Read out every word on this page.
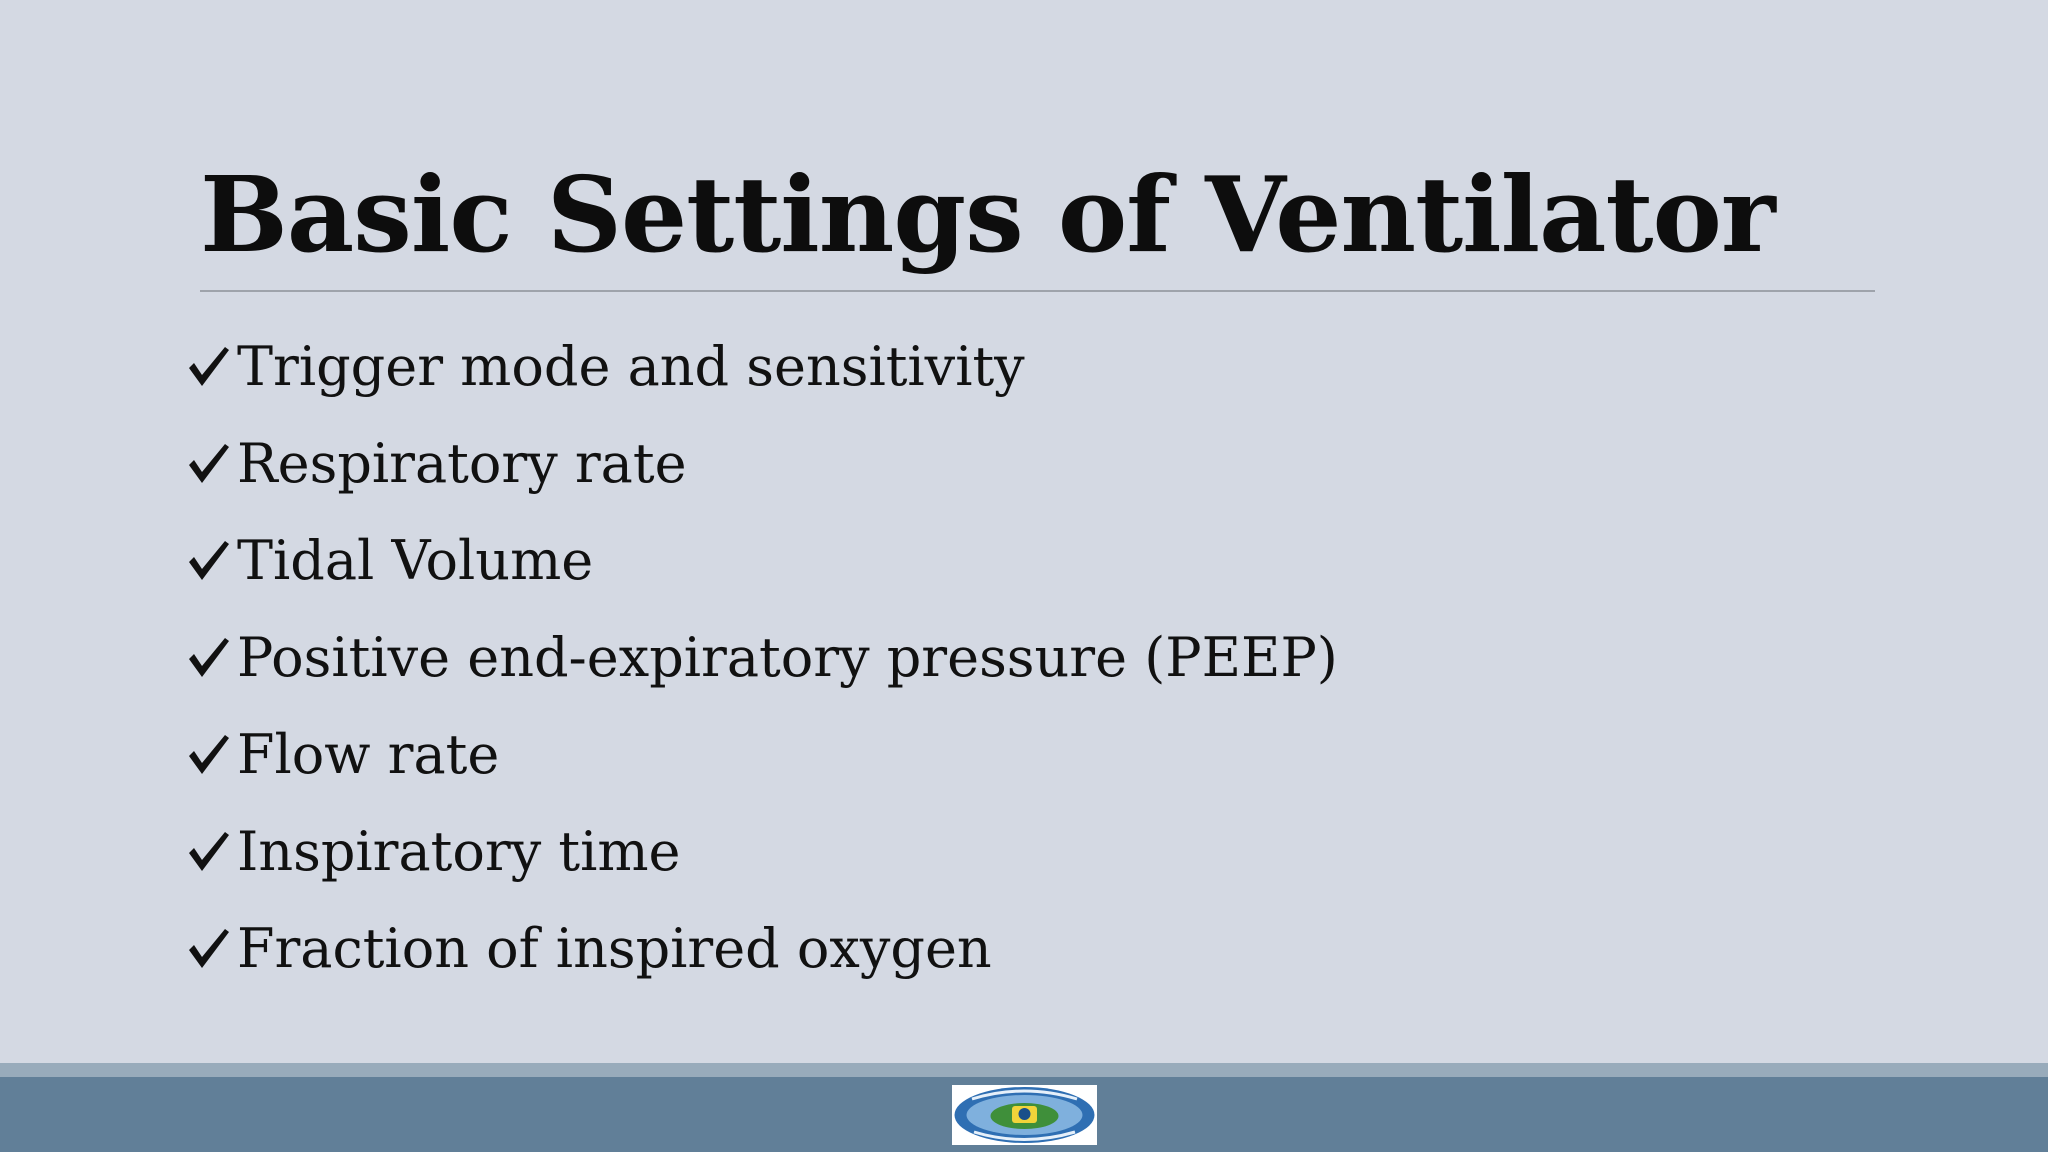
Basic Settings of Ventilator
Trigger mode and sensitivity
Respiratory rate
Tidal Volume
Positive end-expiratory pressure (PEEP)
Flow rate
Inspiratory time
Fraction of inspired oxygen
